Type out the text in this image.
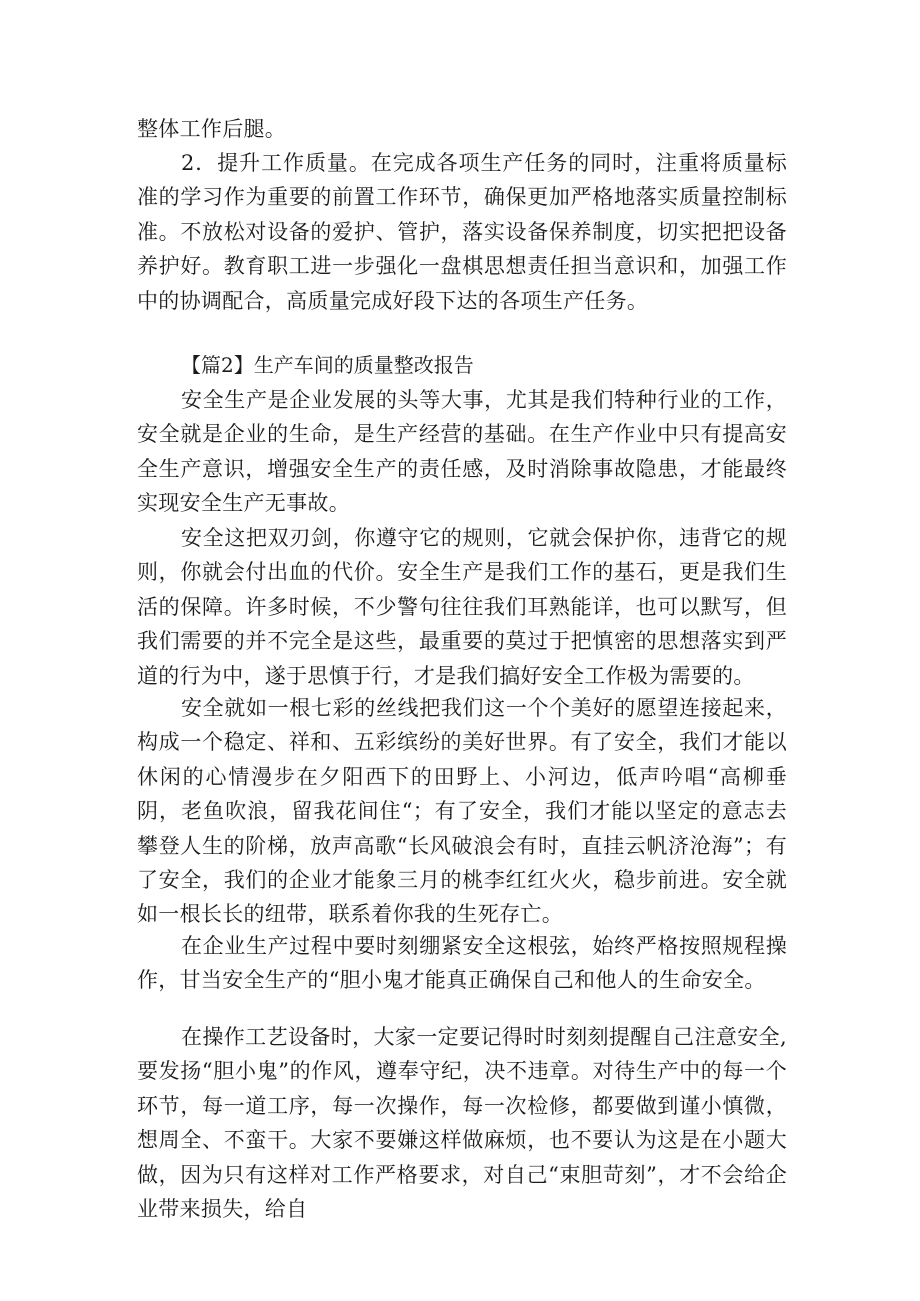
整体工作后腿。

2．提升工作质量。在完成各项生产任务的同时，注重将质量标准的学习作为重要的前置工作环节，确保更加严格地落实质量控制标准。不放松对设备的爱护、管护，落实设备保养制度，切实把把设备养护好。教育职工进一步强化一盘棋思想责任担当意识和，加强工作中的协调配合，高质量完成好段下达的各项生产任务。

【篇2】生产车间的质量整改报告

安全生产是企业发展的头等大事，尤其是我们特种行业的工作，安全就是企业的生命，是生产经营的基础。在生产作业中只有提高安全生产意识，增强安全生产的责任感，及时消除事故隐患，才能最终实现安全生产无事故。

安全这把双刃剑，你遵守它的规则，它就会保护你，违背它的规则，你就会付出血的代价。安全生产是我们工作的基石，更是我们生活的保障。许多时候，不少警句往往我们耳熟能详，也可以默写，但我们需要的并不完全是这些，最重要的莫过于把慎密的思想落实到严道的行为中，遂于思慎于行，才是我们搞好安全工作极为需要的。

安全就如一根七彩的丝线把我们这一个个美好的愿望连接起来，构成一个稳定、祥和、五彩缤纷的美好世界。有了安全，我们才能以休闲的心情漫步在夕阳西下的田野上、小河边，低声吟唱“高柳垂阴，老鱼吹浪，留我花间住“；有了安全，我们才能以坚定的意志去攀登人生的阶梯，放声高歌“长风破浪会有时，直挂云帆济沧海”；有了安全，我们的企业才能象三月的桃李红红火火，稳步前进。安全就如一根长长的纽带，联系着你我的生死存亡。

在企业生产过程中要时刻绷紧安全这根弦，始终严格按照规程操作，甘当安全生产的“胆小鬼才能真正确保自己和他人的生命安全。

在操作工艺设备时，大家一定要记得时时刻刻提醒自己注意安全,要发扬“胆小鬼”的作风，遵奉守纪，决不违章。对待生产中的每一个环节，每一道工序，每一次操作，每一次检修，都要做到谨小慎微，想周全、不蛮干。大家不要嫌这样做麻烦，也不要认为这是在小题大做，因为只有这样对工作严格要求，对自己“束胆苛刻”，才不会给企业带来损失，给自
